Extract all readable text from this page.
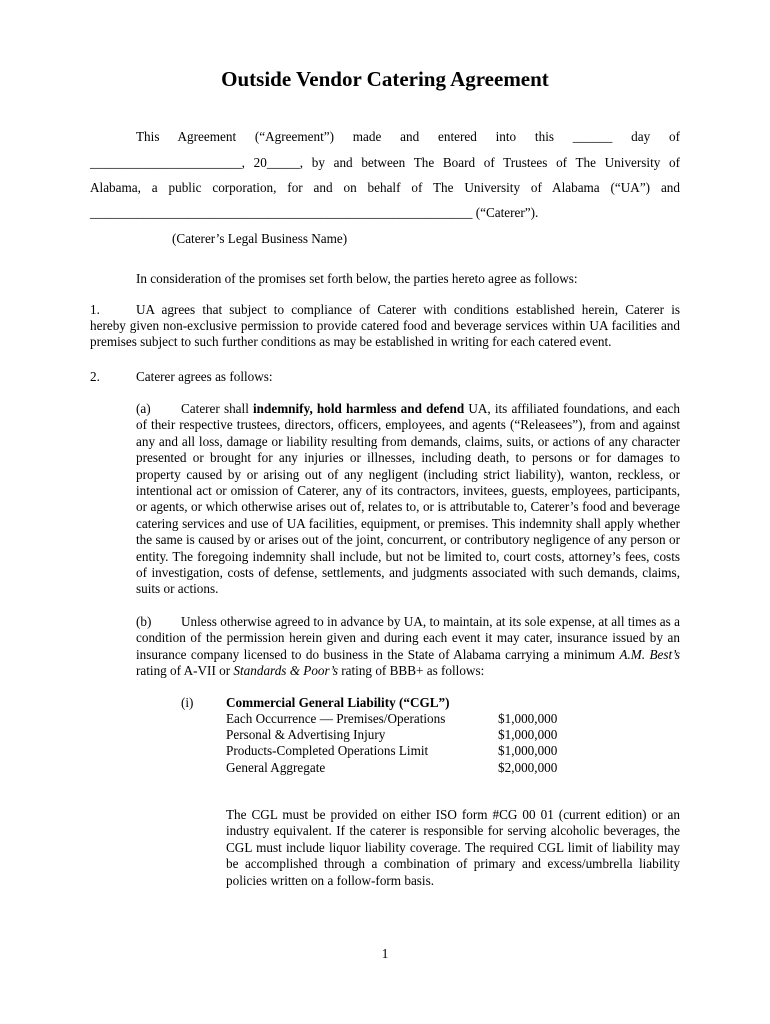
Outside Vendor Catering Agreement
This Agreement (“Agreement”) made and entered into this ______ day of
_______________________, 20_____, by and between The Board of Trustees of The University of
Alabama, a public corporation, for and on behalf of The University of Alabama (“UA”) and
__________________________________________________________ (“Caterer”).
(Caterer’s Legal Business Name)
In consideration of the promises set forth below, the parties hereto agree as follows:
1.	UA agrees that subject to compliance of Caterer with conditions established herein, Caterer is
hereby given non-exclusive permission to provide catered food and beverage services within UA facilities and premises subject to such further conditions as may be established in writing for each catered event.
2.	Caterer agrees as follows:
Caterer shall indemnify, hold harmless and defend UA, its affiliated foundations, and each of their respective trustees, directors, officers, employees, and agents (“Releasees”), from and against any and all loss, damage or liability resulting from demands, claims, suits, or actions of any character presented or brought for any injuries or illnesses, including death, to persons or for damages to property caused by or arising out of any negligent (including strict liability), wanton, reckless, or intentional act or omission of Caterer, any of its contractors, invitees, guests, employees, participants, or agents, or which otherwise arises out of, relates to, or is attributable to, Caterer’s food and beverage catering services and use of UA facilities, equipment, or premises. This indemnity shall apply whether the same is caused by or arises out of the joint, concurrent, or contributory negligence of any person or entity. The foregoing indemnity shall include, but not be limited to, court costs, attorney’s fees, costs of investigation, costs of defense, settlements, and judgments associated with such demands, claims, suits or actions.
(a)
Unless otherwise agreed to in advance by UA, to maintain, at its sole expense, at all times as a condition of the permission herein given and during each event it may cater, insurance issued by an insurance company licensed to do business in the State of Alabama carrying a minimum A.M. Best’s rating of A-VII or Standards & Poor’s rating of BBB+ as follows:
(b)
(i) Commercial General Liability (“CGL”)
Each Occurrence — Premises/Operations	$1,000,000
Personal & Advertising Injury	$1,000,000
Products-Completed Operations Limit	$1,000,000
General Aggregate	$2,000,000
The CGL must be provided on either ISO form #CG 00 01 (current edition) or an industry equivalent. If the caterer is responsible for serving alcoholic beverages, the CGL must include liquor liability coverage. The required CGL limit of liability may be accomplished through a combination of primary and excess/umbrella liability policies written on a follow-form basis.
1
